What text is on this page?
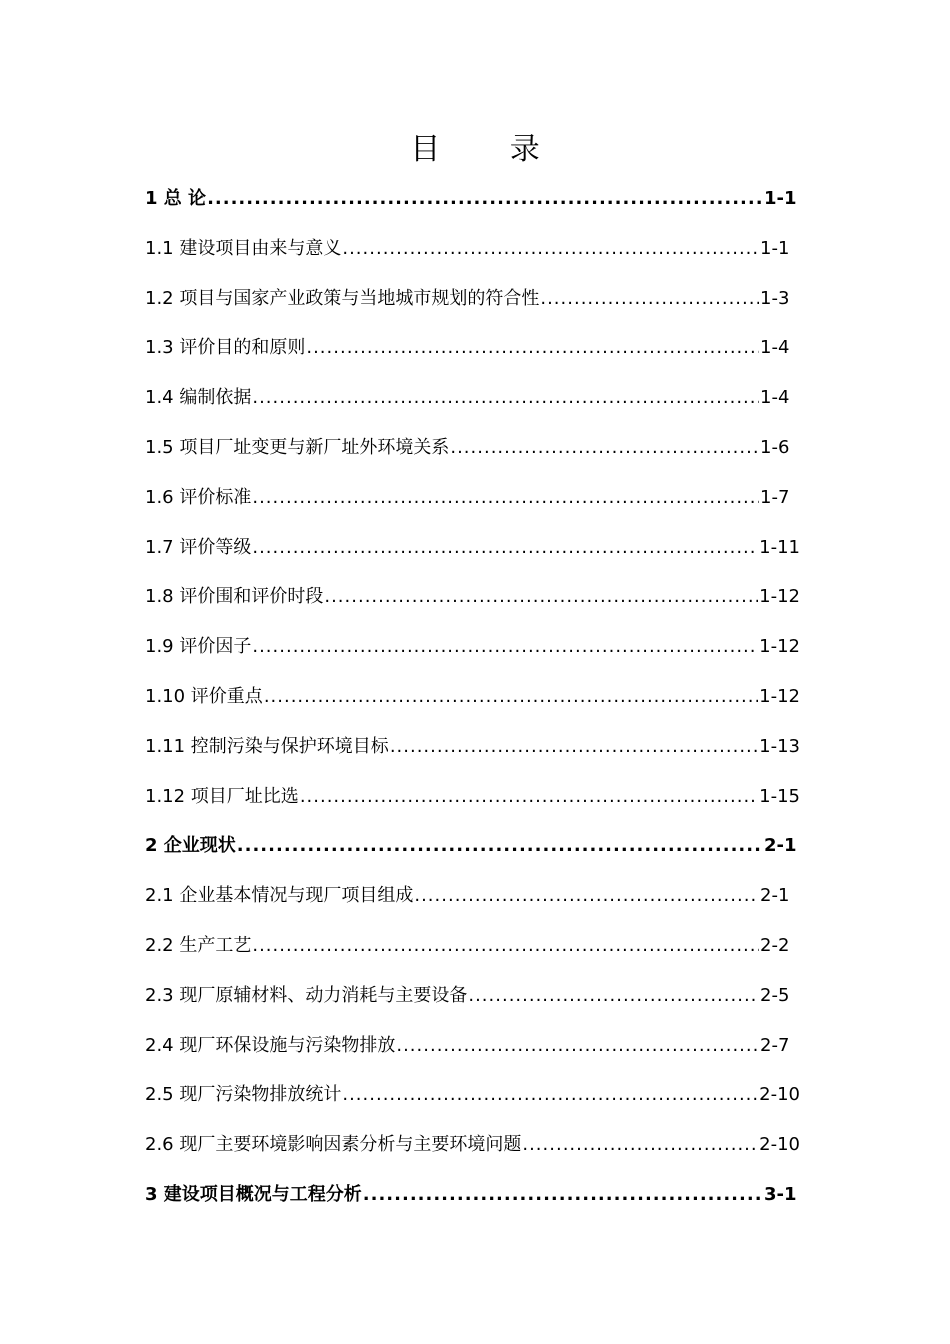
目 录
1 总 论 .....	1-1
1.1 建设项目由来与意义 .....	1-1
1.2 项目与国家产业政策与当地城市规划的符合性 .....	1-3
1.3 评价目的和原则 .....	1-4
1.4 编制依据 .....	1-4
1.5 项目厂址变更与新厂址外环境关系 .....	1-6
1.6 评价标准 .....	1-7
1.7 评价等级 .....	1-11
1.8 评价围和评价时段 .....	1-12
1.9 评价因子 .....	1-12
1.10 评价重点 .....	1-12
1.11 控制污染与保护环境目标 .....	1-13
1.12 项目厂址比选 .....	1-15
2 企业现状 .....	2-1
2.1 企业基本情况与现厂项目组成 .....	2-1
2.2 生产工艺 .....	2-2
2.3 现厂原辅材料、动力消耗与主要设备 .....	2-5
2.4 现厂环保设施与污染物排放 .....	2-7
2.5 现厂污染物排放统计 .....	2-10
2.6 现厂主要环境影响因素分析与主要环境问题 .....	2-10
3 建设项目概况与工程分析 .....	3-1
